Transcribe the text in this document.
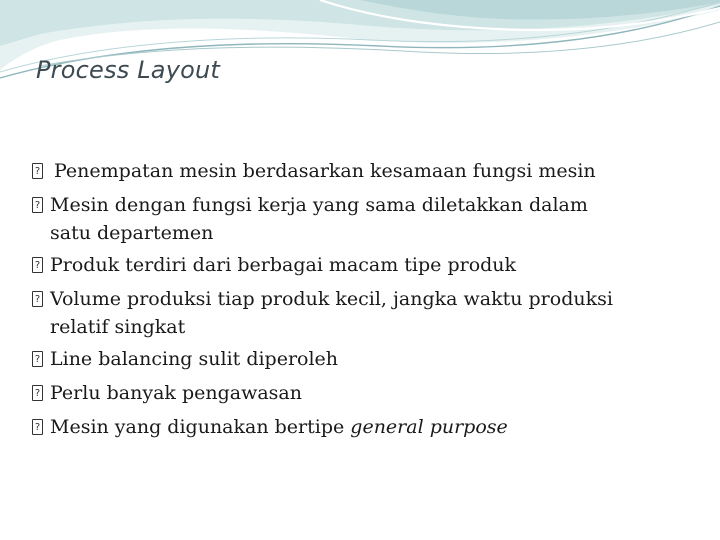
Process Layout
?
Penempatan mesin berdasarkan kesamaan fungsi mesin
?
Mesin dengan fungsi kerja yang sama diletakkan dalam
satu departemen
?
Produk terdiri dari berbagai macam tipe produk
?
Volume produksi tiap produk kecil, jangka waktu produksi
relatif singkat
?
Line balancing sulit diperoleh
?
Perlu banyak pengawasan
?
Mesin yang digunakan bertipe general purpose
